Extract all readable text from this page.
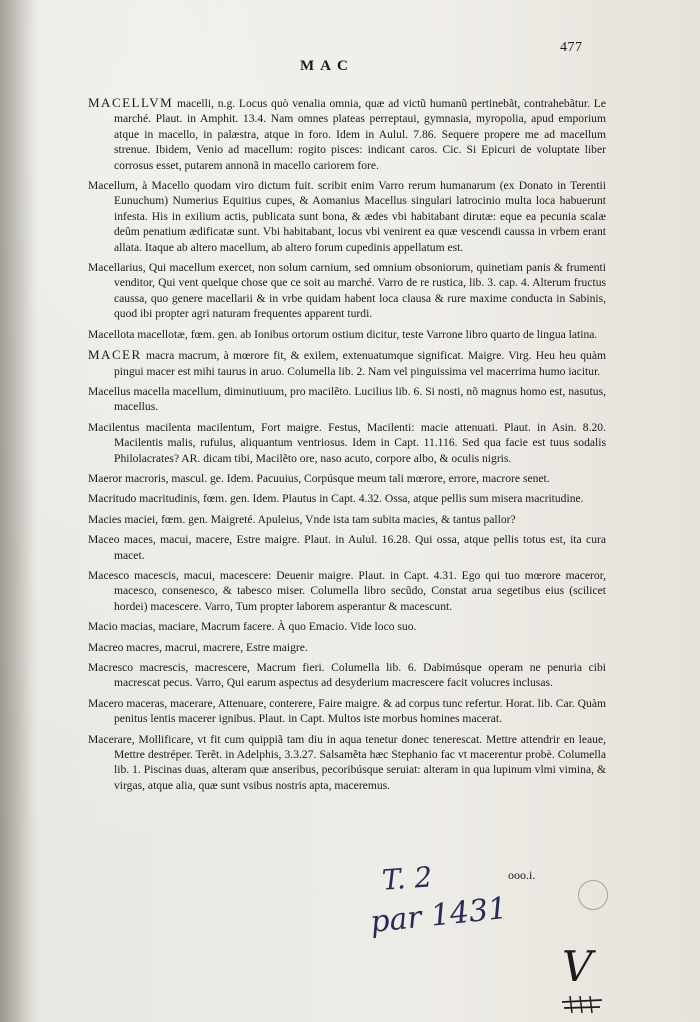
477
MAC
MACELLVM macelli, n.g. Locus quò venalia omnia, quæ ad victũ humanũ pertinebãt, contrahebãtur. Le marché. Plaut. in Amphit. 13.4. Nam omnes plateas perreptaui, gymnasia, myropolia, apud emporium atque in macello, in palæstra, atque in foro. Idem in Aulul. 7.86. Sequere propere me ad macellum strenue. Ibidem, Venio ad macellum: rogito pisces: indicant caros. Cic. Si Epicuri de voluptate liber corrosus esset, putarem annonã in macello cariorem fore.
Macellum, à Macello quodam viro dictum fuit. scribit enim Varro rerum humanarum (ex Donato in Terentii Eunuchum) Numerius Equitius cupes, & Aomanius Macellus singulari latrocinio multa loca habuerunt infesta. His in exilium actis, publicata sunt bona, & ædes vbi habitabant dirutæ: eque ea pecunia scalæ deûm penatium ædificatæ sunt. Vbi habitabant, locus vbi venirent ea quæ vescendi caussa in vrbem erant allata. Itaque ab altero macellum, ab altero forum cupedinis appellatum est.
Macellarius, Qui macellum exercet, non solum carnium, sed omnium obsoniorum, quinetiam panis & frumenti venditor, Qui vent quelque chose que ce soit au marché. Varro de re rustica, lib. 3. cap. 4. Alterum fructus caussa, quo genere macellarii & in vrbe quidam habent loca clausa & rure maxime conducta in Sabinis, quod ibi propter agri naturam frequentes apparent turdi.
Macellota macellotæ, fœm. gen. ab Ionibus ortorum ostium dicitur, teste Varrone libro quarto de lingua latina.
MACER macra macrum, à mœrore fit, & exilem, extenuatumque significat. Maigre. Virg. Heu heu quàm pingui macer est mihi taurus in aruo. Columella lib. 2. Nam vel pinguissima vel macerrima humo iacitur.
Macellus macella macellum, diminutiuum, pro macilẽto. Lucilius lib. 6. Si nosti, nõ magnus homo est, nasutus, macellus.
Macilentus macilenta macilentum, Fort maigre. Festus, Macilenti: macie attenuati. Plaut. in Asin. 8.20. Macilentis malis, rufulus, aliquantum ventriosus. Idem in Capt. 11.116. Sed qua facie est tuus sodalis Philolacrates? AR. dicam tibi, Macilẽto ore, naso acuto, corpore albo, & oculis nigris.
Maeror macroris, mascul. ge. Idem. Pacuuius, Corpúsque meum tali mœrore, errore, macrore senet.
Macritudo macritudinis, fœm. gen. Idem. Plautus in Capt. 4.32. Ossa, atque pellis sum misera macritudine.
Macies maciei, fœm. gen. Maigreté. Apuleius, Vnde ista tam subita macies, & tantus pallor?
Maceo maces, macui, macere, Estre maigre. Plaut. in Aulul. 16.28. Qui ossa, atque pellis totus est, ita cura macet.
Macesco macescis, macui, macescere: Deuenir maigre. Plaut. in Capt. 4.31. Ego qui tuo mœrore maceror, macesco, consenesco, & tabesco miser. Columella libro secũdo, Constat arua segetibus eius (scilicet hordei) macescere. Varro, Tum propter laborem asperantur & macescunt.
Macio macias, maciare, Macrum facere. À quo Emacio. Vide loco suo.
Macreo macres, macrui, macrere, Estre maigre.
Macresco macrescis, macrescere, Macrum fieri. Columella lib. 6. Dabimúsque operam ne penuria cibi macrescat pecus. Varro, Qui earum aspectus ad desyderium macrescere facit volucres inclusas.
Macero maceras, macerare, Attenuare, conterere, Faire maigre. & ad corpus tunc refertur. Horat. lib. Car. Quàm penitus lentis macerer ignibus. Plaut. in Capt. Multos iste morbus homines macerat.
Macerare, Mollificare, vt fit cum quippiã tam diu in aqua tenetur donec tenerescat. Mettre attendrir en leaue, Mettre destréper. Terẽt. in Adelphis, 3.3.27. Salsamẽta hæc Stephanio fac vt macerentur probè. Columella lib. 1. Piscinas duas, alteram quæ anseribus, pecoribúsque seruiat: alteram in qua lupinum vlmi vimina, & virgas, atque alia, quæ sunt vsibus nostris apta, maceremus.
ooo.i.
T. 2
par 1431
V
